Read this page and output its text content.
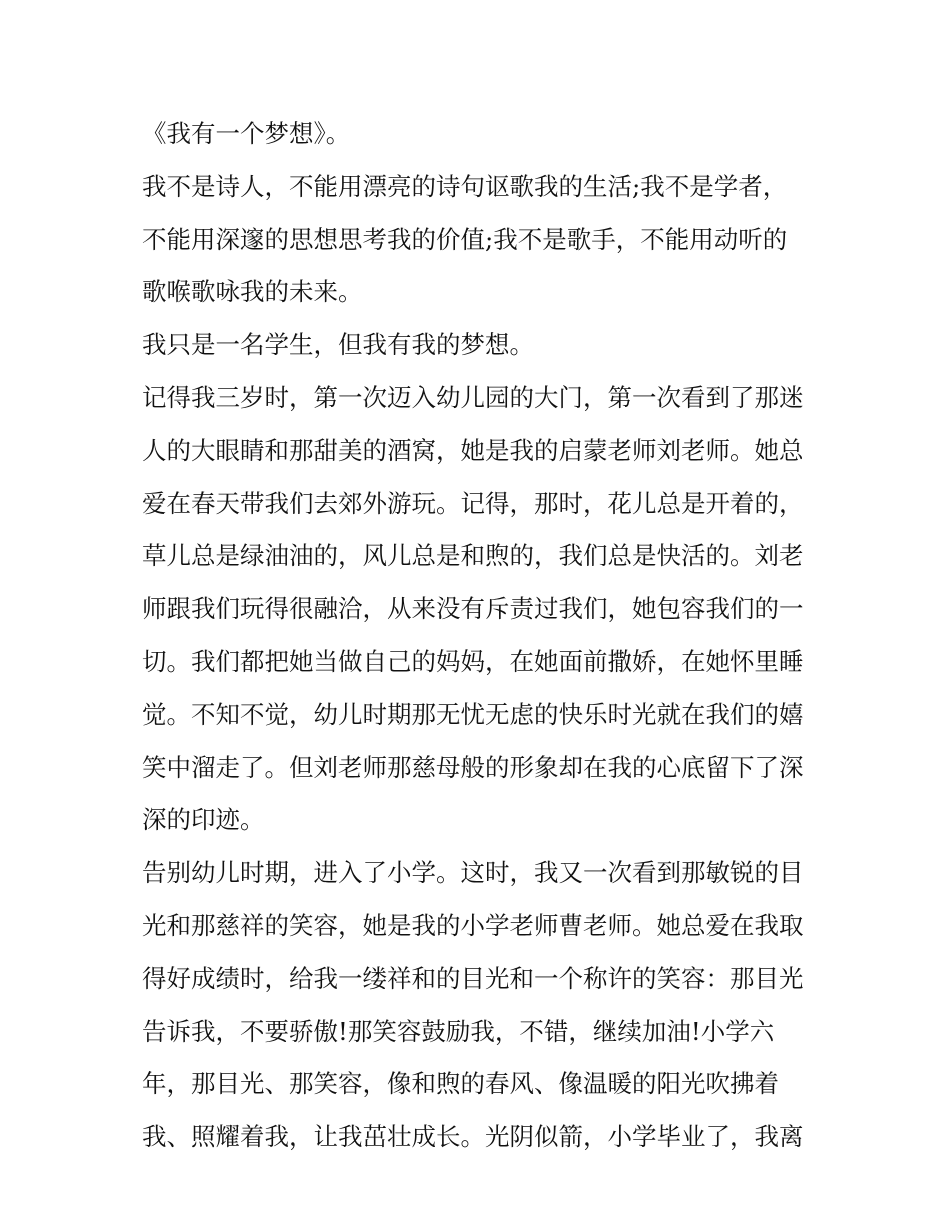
《我有一个梦想》。
我不是诗人，不能用漂亮的诗句讴歌我的生活;我不是学者，
不能用深邃的思想思考我的价值;我不是歌手，不能用动听的
歌喉歌咏我的未来。
我只是一名学生，但我有我的梦想。
记得我三岁时，第一次迈入幼儿园的大门，第一次看到了那迷
人的大眼睛和那甜美的酒窝，她是我的启蒙老师刘老师。她总
爱在春天带我们去郊外游玩。记得，那时，花儿总是开着的，
草儿总是绿油油的，风儿总是和煦的，我们总是快活的。刘老
师跟我们玩得很融洽，从来没有斥责过我们，她包容我们的一
切。我们都把她当做自己的妈妈，在她面前撒娇，在她怀里睡
觉。不知不觉，幼儿时期那无忧无虑的快乐时光就在我们的嬉
笑中溜走了。但刘老师那慈母般的形象却在我的心底留下了深
深的印迹。
告别幼儿时期，进入了小学。这时，我又一次看到那敏锐的目
光和那慈祥的笑容，她是我的小学老师曹老师。她总爱在我取
得好成绩时，给我一缕祥和的目光和一个称许的笑容：那目光
告诉我，不要骄傲!那笑容鼓励我，不错，继续加油!小学六
年，那目光、那笑容，像和煦的春风、像温暖的阳光吹拂着
我、照耀着我，让我茁壮成长。光阴似箭，小学毕业了，我离
